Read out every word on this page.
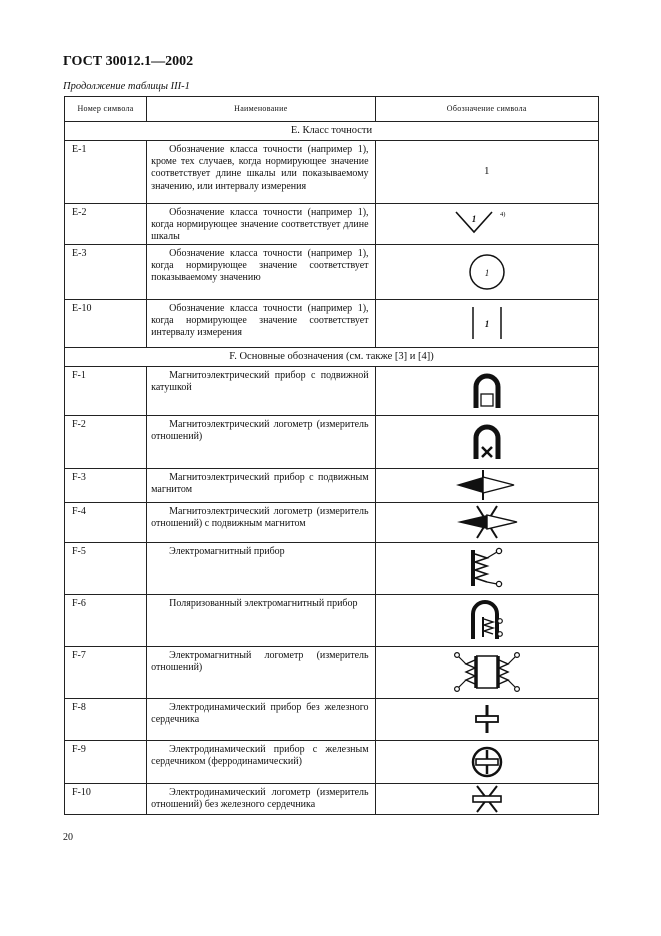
ГОСТ 30012.1—2002
Продолжение таблицы III-1
Номер символа	Наименование	Обозначение символа
E. Класс точности		
E-1	Обозначение класса точности (например 1), кроме тех случаев, когда нормирующее значение соответствует длине шкалы или показываемому значению, или интервалу измерения	1
E-2	Обозначение класса точности (например 1), когда нормирующее значение соответствует длине шкалы	1 4)

E-3	Обозначение класса точности (например 1), когда нормирующее значение соответствует показываемому значению	1

E-10	Обозначение класса точности (например 1), когда нормирующее значение соответствует интервалу измерения	1

F. Основные обозначения (см. также [3] и [4])		
F-1	Магнитоэлектрический прибор с подвижной катушкой	

F-2	Магнитоэлектрический логометр (измеритель отношений)	

F-3	Магнитоэлектрический прибор с подвижным магнитом	

F-4	Магнитоэлектрический логометр (измеритель отношений) с подвижным магнитом	

F-5	Электромагнитный прибор	

F-6	Поляризованный электромагнитный прибор	

F-7	Электромагнитный логометр (измеритель отношений)	

F-8	Электродинамический прибор без железного сердечника	

F-9	Электродинамический прибор с железным сердечником (ферродинамический)	

F-10	Электродинамический логометр (измеритель отношений) без железного сердечника	
20
